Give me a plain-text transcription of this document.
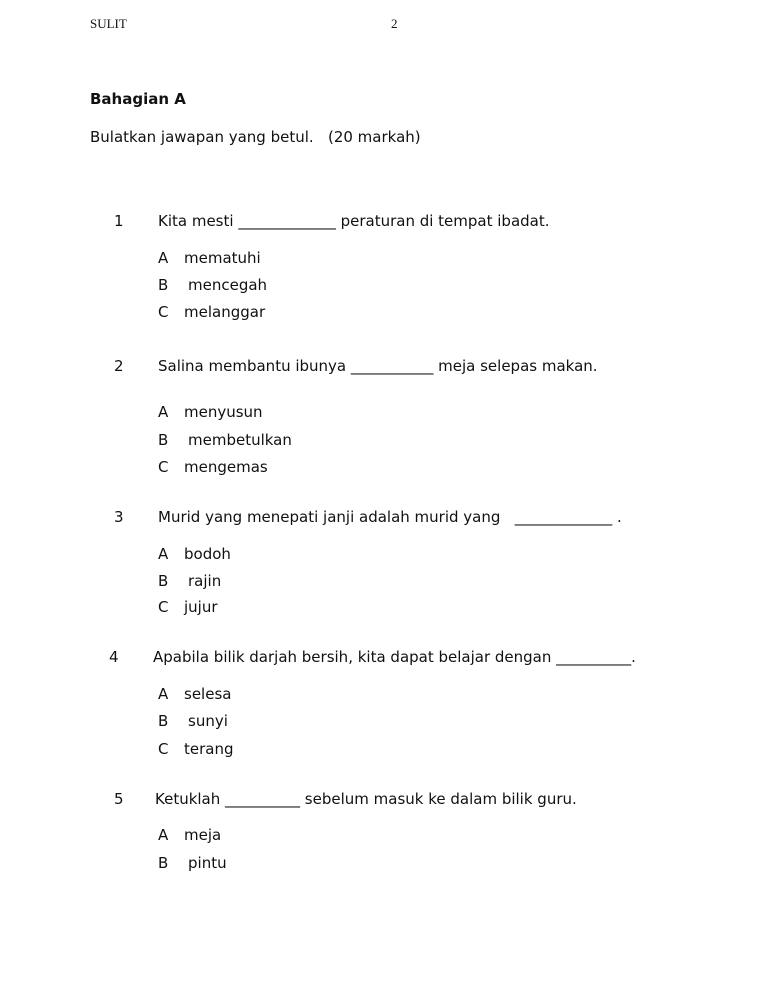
SULIT	2
Bahagian A
Bulatkan jawapan yang betul.   (20 markah)
1 Kita mesti _____________ peraturan di tempat ibadat.
A mematuhi
B mencegah
C melanggar
2 Salina membantu ibunya ___________ meja selepas makan.
A menyusun
B membetulkan
C mengemas
3 Murid yang menepati janji adalah murid yang   _____________ .
A bodoh
B rajin
C jujur
4 Apabila bilik darjah bersih, kita dapat belajar dengan __________.
A selesa
B sunyi
C terang
5 Ketuklah __________ sebelum masuk ke dalam bilik guru.
A meja
B pintu
